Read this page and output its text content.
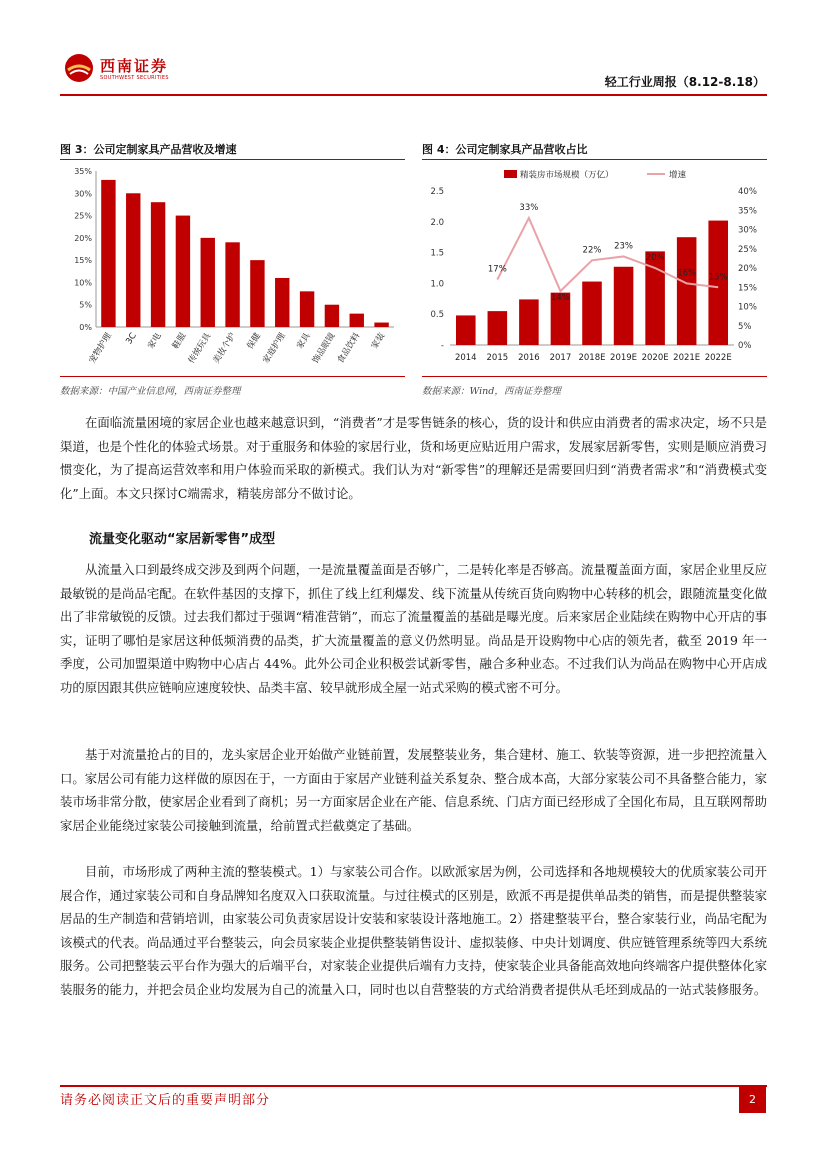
西南证券
SOUTHWEST SECURITIES	轻工行业周报（8.12-8.18）
图 3：公司定制家具产品营收及增速
0%
5%
10%
15%
20%
25%
30%
35%
宠物护理 3C 家电 鞋服
传统玩具
美妆个护 保健
家庭护理 家具
饰品眼镜
食品饮料 家装
数据来源：中国产业信息网，西南证券整理
图 4：公司定制家具产品营收占比
精装房市场规模（万亿）	增速
-
0.5
1.0
1.5
2.0
2.5
0%
5%
10%
15%
20%
25%
30%
35%
40%
2014 2015 2016 2017 2018E 2019E 2020E 2021E 2022E
17%
33%
14%
22% 23%
20%
16% 15%
数据来源：Wind，西南证券整理

在面临流量困境的家居企业也越来越意识到，“消费者”才是零售链条的核心，货的设计和供应由消费者的需求决定，场不只是渠道，也是个性化的体验式场景。对于重服务和体验的家居行业，货和场更应贴近用户需求，发展家居新零售，实则是顺应消费习惯变化，为了提高运营效率和用户体验而采取的新模式。我们认为对“新零售”的理解还是需要回归到“消费者需求”和“消费模式变化”上面。本文只探讨C端需求，精装房部分不做讨论。

流量变化驱动“家居新零售”成型

从流量入口到最终成交涉及到两个问题，一是流量覆盖面是否够广，二是转化率是否够高。流量覆盖面方面，家居企业里反应最敏锐的是尚品宅配。在软件基因的支撑下，抓住了线上红利爆发、线下流量从传统百货向购物中心转移的机会，跟随流量变化做出了非常敏锐的反馈。过去我们都过于强调“精准营销”，而忘了流量覆盖的基础是曝光度。后来家居企业陆续在购物中心开店的事实，证明了哪怕是家居这种低频消费的品类，扩大流量覆盖的意义仍然明显。尚品是开设购物中心店的领先者，截至 2019 年一季度，公司加盟渠道中购物中心店占 44%。此外公司企业积极尝试新零售，融合多种业态。不过我们认为尚品在购物中心开店成功的原因跟其供应链响应速度较快、品类丰富、较早就形成全屋一站式采购的模式密不可分。

基于对流量抢占的目的，龙头家居企业开始做产业链前置，发展整装业务，集合建材、施工、软装等资源，进一步把控流量入口。家居公司有能力这样做的原因在于，一方面由于家居产业链利益关系复杂、整合成本高，大部分家装公司不具备整合能力，家装市场非常分散，使家居企业看到了商机；另一方面家居企业在产能、信息系统、门店方面已经形成了全国化布局，且互联网帮助家居企业能绕过家装公司接触到流量，给前置式拦截奠定了基础。

目前，市场形成了两种主流的整装模式。1）与家装公司合作。以欧派家居为例，公司选择和各地规模较大的优质家装公司开展合作，通过家装公司和自身品牌知名度双入口获取流量。与过往模式的区别是，欧派不再是提供单品类的销售，而是提供整装家居品的生产制造和营销培训，由家装公司负责家居设计安装和家装设计落地施工。2）搭建整装平台，整合家装行业，尚品宅配为该模式的代表。尚品通过平台整装云，向会员家装企业提供整装销售设计、虚拟装修、中央计划调度、供应链管理系统等四大系统服务。公司把整装云平台作为强大的后端平台，对家装企业提供后端有力支持，使家装企业具备能高效地向终端客户提供整体化家装服务的能力，并把会员企业均发展为自己的流量入口，同时也以自营整装的方式给消费者提供从毛坯到成品的一站式装修服务。

请务必阅读正文后的重要声明部分	2
